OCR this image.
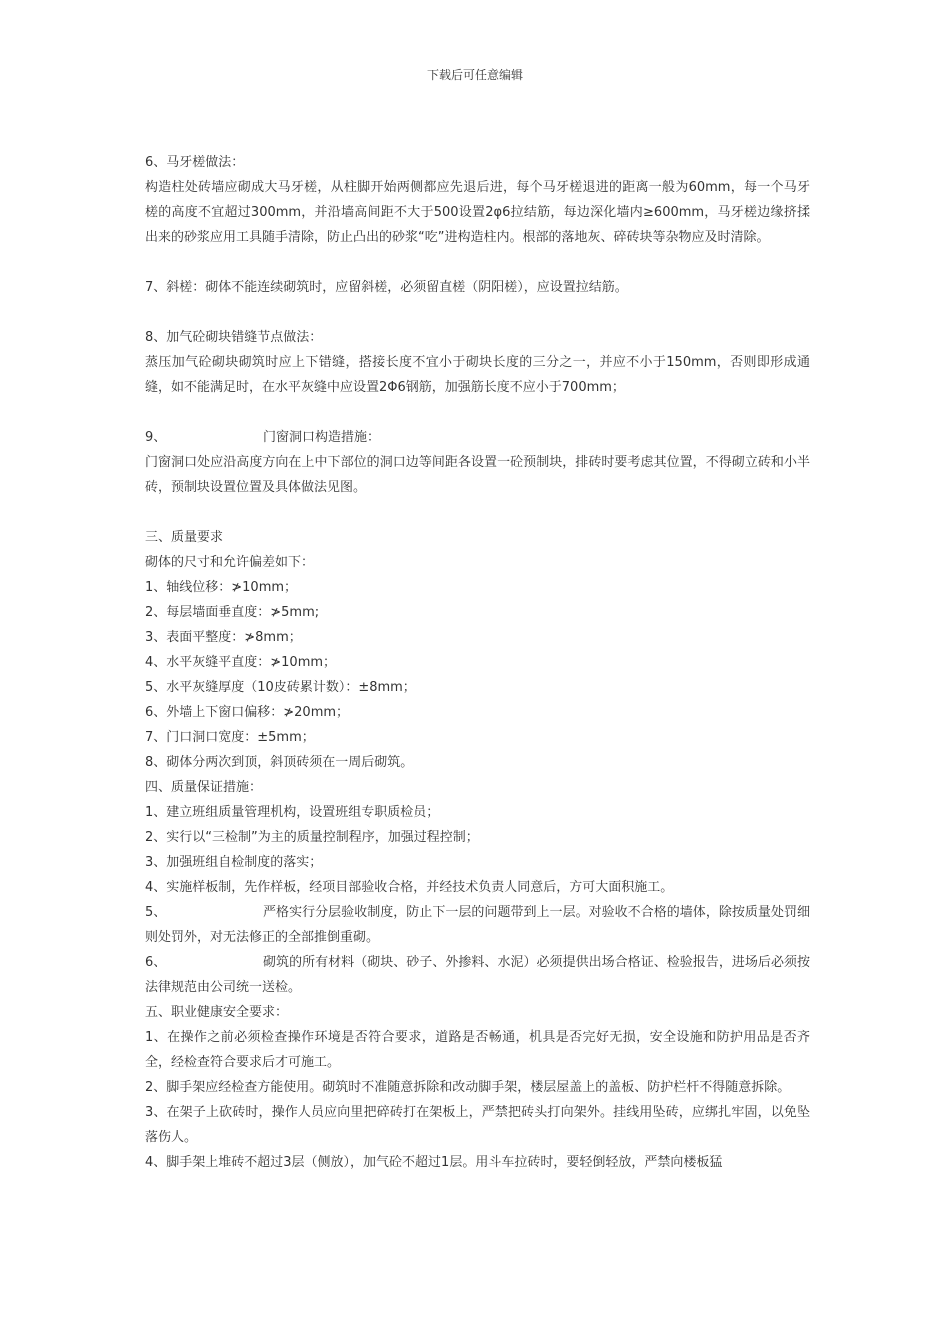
下载后可任意编辑

6、马牙槎做法：

构造柱处砖墙应砌成大马牙槎，从柱脚开始两侧都应先退后进，每个马牙槎退进的距离一般为60mm，每一个马牙槎的高度不宜超过300mm，并沿墙高间距不大于500设置2φ6拉结筋，每边深化墙内≥600mm，马牙槎边缘挤揉出来的砂浆应用工具随手清除，防止凸出的砂浆“吃”进构造柱内。根部的落地灰、碎砖块等杂物应及时清除。

7、斜槎：砌体不能连续砌筑时，应留斜槎，必须留直槎（阴阳槎），应设置拉结筋。

8、加气砼砌块错缝节点做法：

蒸压加气砼砌块砌筑时应上下错缝，搭接长度不宜小于砌块长度的三分之一，并应不小于150mm，否则即形成通缝，如不能满足时，在水平灰缝中应设置2Φ6钢筋，加强筋长度不应小于700mm；

9、	门窗洞口构造措施：

门窗洞口处应沿高度方向在上中下部位的洞口边等间距各设置一砼预制块，排砖时要考虑其位置，不得砌立砖和小半砖，预制块设置位置及具体做法见图。

三、质量要求

砌体的尺寸和允许偏差如下：

1、轴线位移：≯10mm；

2、每层墙面垂直度：≯5mm;

3、表面平整度：≯8mm；

4、水平灰缝平直度：≯10mm；

5、水平灰缝厚度（10皮砖累计数）：±8mm；

6、外墙上下窗口偏移：≯20mm；

7、门口洞口宽度：±5mm；

8、砌体分两次到顶，斜顶砖须在一周后砌筑。

四、质量保证措施：

1、建立班组质量管理机构，设置班组专职质检员；

2、实行以“三检制”为主的质量控制程序，加强过程控制；

3、加强班组自检制度的落实；

4、实施样板制，先作样板，经项目部验收合格，并经技术负责人同意后，方可大面积施工。

5、	严格实行分层验收制度，防止下一层的问题带到上一层。对验收不合格的墙体，除按质量处罚细则处罚外，对无法修正的全部推倒重砌。

6、	砌筑的所有材料（砌块、砂子、外掺料、水泥）必须提供出场合格证、检验报告，进场后必须按法律规范由公司统一送检。

五、职业健康安全要求：

1、在操作之前必须检查操作环境是否符合要求，道路是否畅通，机具是否完好无损，安全设施和防护用品是否齐全，经检查符合要求后才可施工。

2、脚手架应经检查方能使用。砌筑时不准随意拆除和改动脚手架，楼层屋盖上的盖板、防护栏杆不得随意拆除。

3、在架子上砍砖时，操作人员应向里把碎砖打在架板上，严禁把砖头打向架外。挂线用坠砖，应绑扎牢固，以免坠落伤人。

4、脚手架上堆砖不超过3层（侧放），加气砼不超过1层。用斗车拉砖时，要轻倒轻放，严禁向楼板猛
